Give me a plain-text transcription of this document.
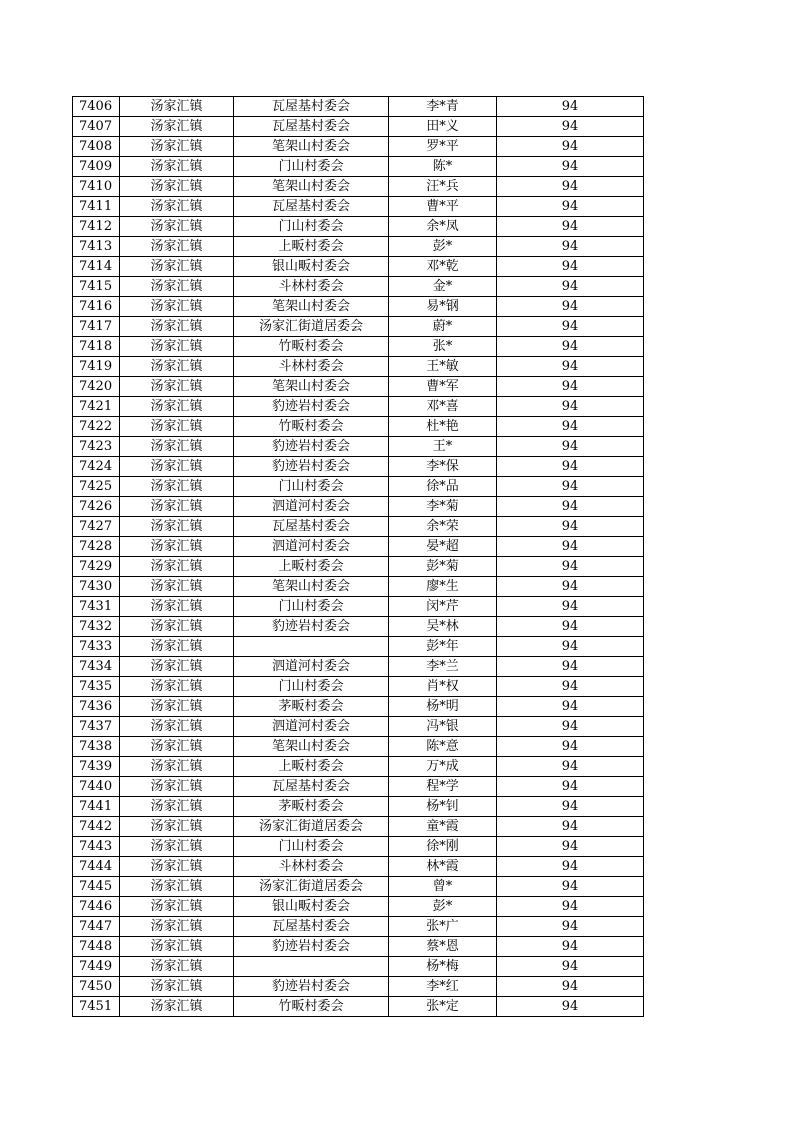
7406	汤家汇镇	瓦屋基村委会	李*青	94
7407	汤家汇镇	瓦屋基村委会	田*义	94
7408	汤家汇镇	笔架山村委会	罗*平	94
7409	汤家汇镇	门山村委会	陈*	94
7410	汤家汇镇	笔架山村委会	汪*兵	94
7411	汤家汇镇	瓦屋基村委会	曹*平	94
7412	汤家汇镇	门山村委会	余*凤	94
7413	汤家汇镇	上畈村委会	彭*	94
7414	汤家汇镇	银山畈村委会	邓*乾	94
7415	汤家汇镇	斗林村委会	金*	94
7416	汤家汇镇	笔架山村委会	易*钢	94
7417	汤家汇镇	汤家汇街道居委会	蔚*	94
7418	汤家汇镇	竹畈村委会	张*	94
7419	汤家汇镇	斗林村委会	王*敏	94
7420	汤家汇镇	笔架山村委会	曹*军	94
7421	汤家汇镇	豹迹岩村委会	邓*喜	94
7422	汤家汇镇	竹畈村委会	杜*艳	94
7423	汤家汇镇	豹迹岩村委会	王*	94
7424	汤家汇镇	豹迹岩村委会	李*保	94
7425	汤家汇镇	门山村委会	徐*品	94
7426	汤家汇镇	泗道河村委会	李*菊	94
7427	汤家汇镇	瓦屋基村委会	余*荣	94
7428	汤家汇镇	泗道河村委会	晏*超	94
7429	汤家汇镇	上畈村委会	彭*菊	94
7430	汤家汇镇	笔架山村委会	廖*生	94
7431	汤家汇镇	门山村委会	闵*芹	94
7432	汤家汇镇	豹迹岩村委会	吴*林	94
7433	汤家汇镇		彭*年	94
7434	汤家汇镇	泗道河村委会	李*兰	94
7435	汤家汇镇	门山村委会	肖*权	94
7436	汤家汇镇	茅畈村委会	杨*明	94
7437	汤家汇镇	泗道河村委会	冯*银	94
7438	汤家汇镇	笔架山村委会	陈*意	94
7439	汤家汇镇	上畈村委会	万*成	94
7440	汤家汇镇	瓦屋基村委会	程*学	94
7441	汤家汇镇	茅畈村委会	杨*钊	94
7442	汤家汇镇	汤家汇街道居委会	童*霞	94
7443	汤家汇镇	门山村委会	徐*刚	94
7444	汤家汇镇	斗林村委会	林*霞	94
7445	汤家汇镇	汤家汇街道居委会	曾*	94
7446	汤家汇镇	银山畈村委会	彭*	94
7447	汤家汇镇	瓦屋基村委会	张*广	94
7448	汤家汇镇	豹迹岩村委会	蔡*恩	94
7449	汤家汇镇		杨*梅	94
7450	汤家汇镇	豹迹岩村委会	李*红	94
7451	汤家汇镇	竹畈村委会	张*定	94
